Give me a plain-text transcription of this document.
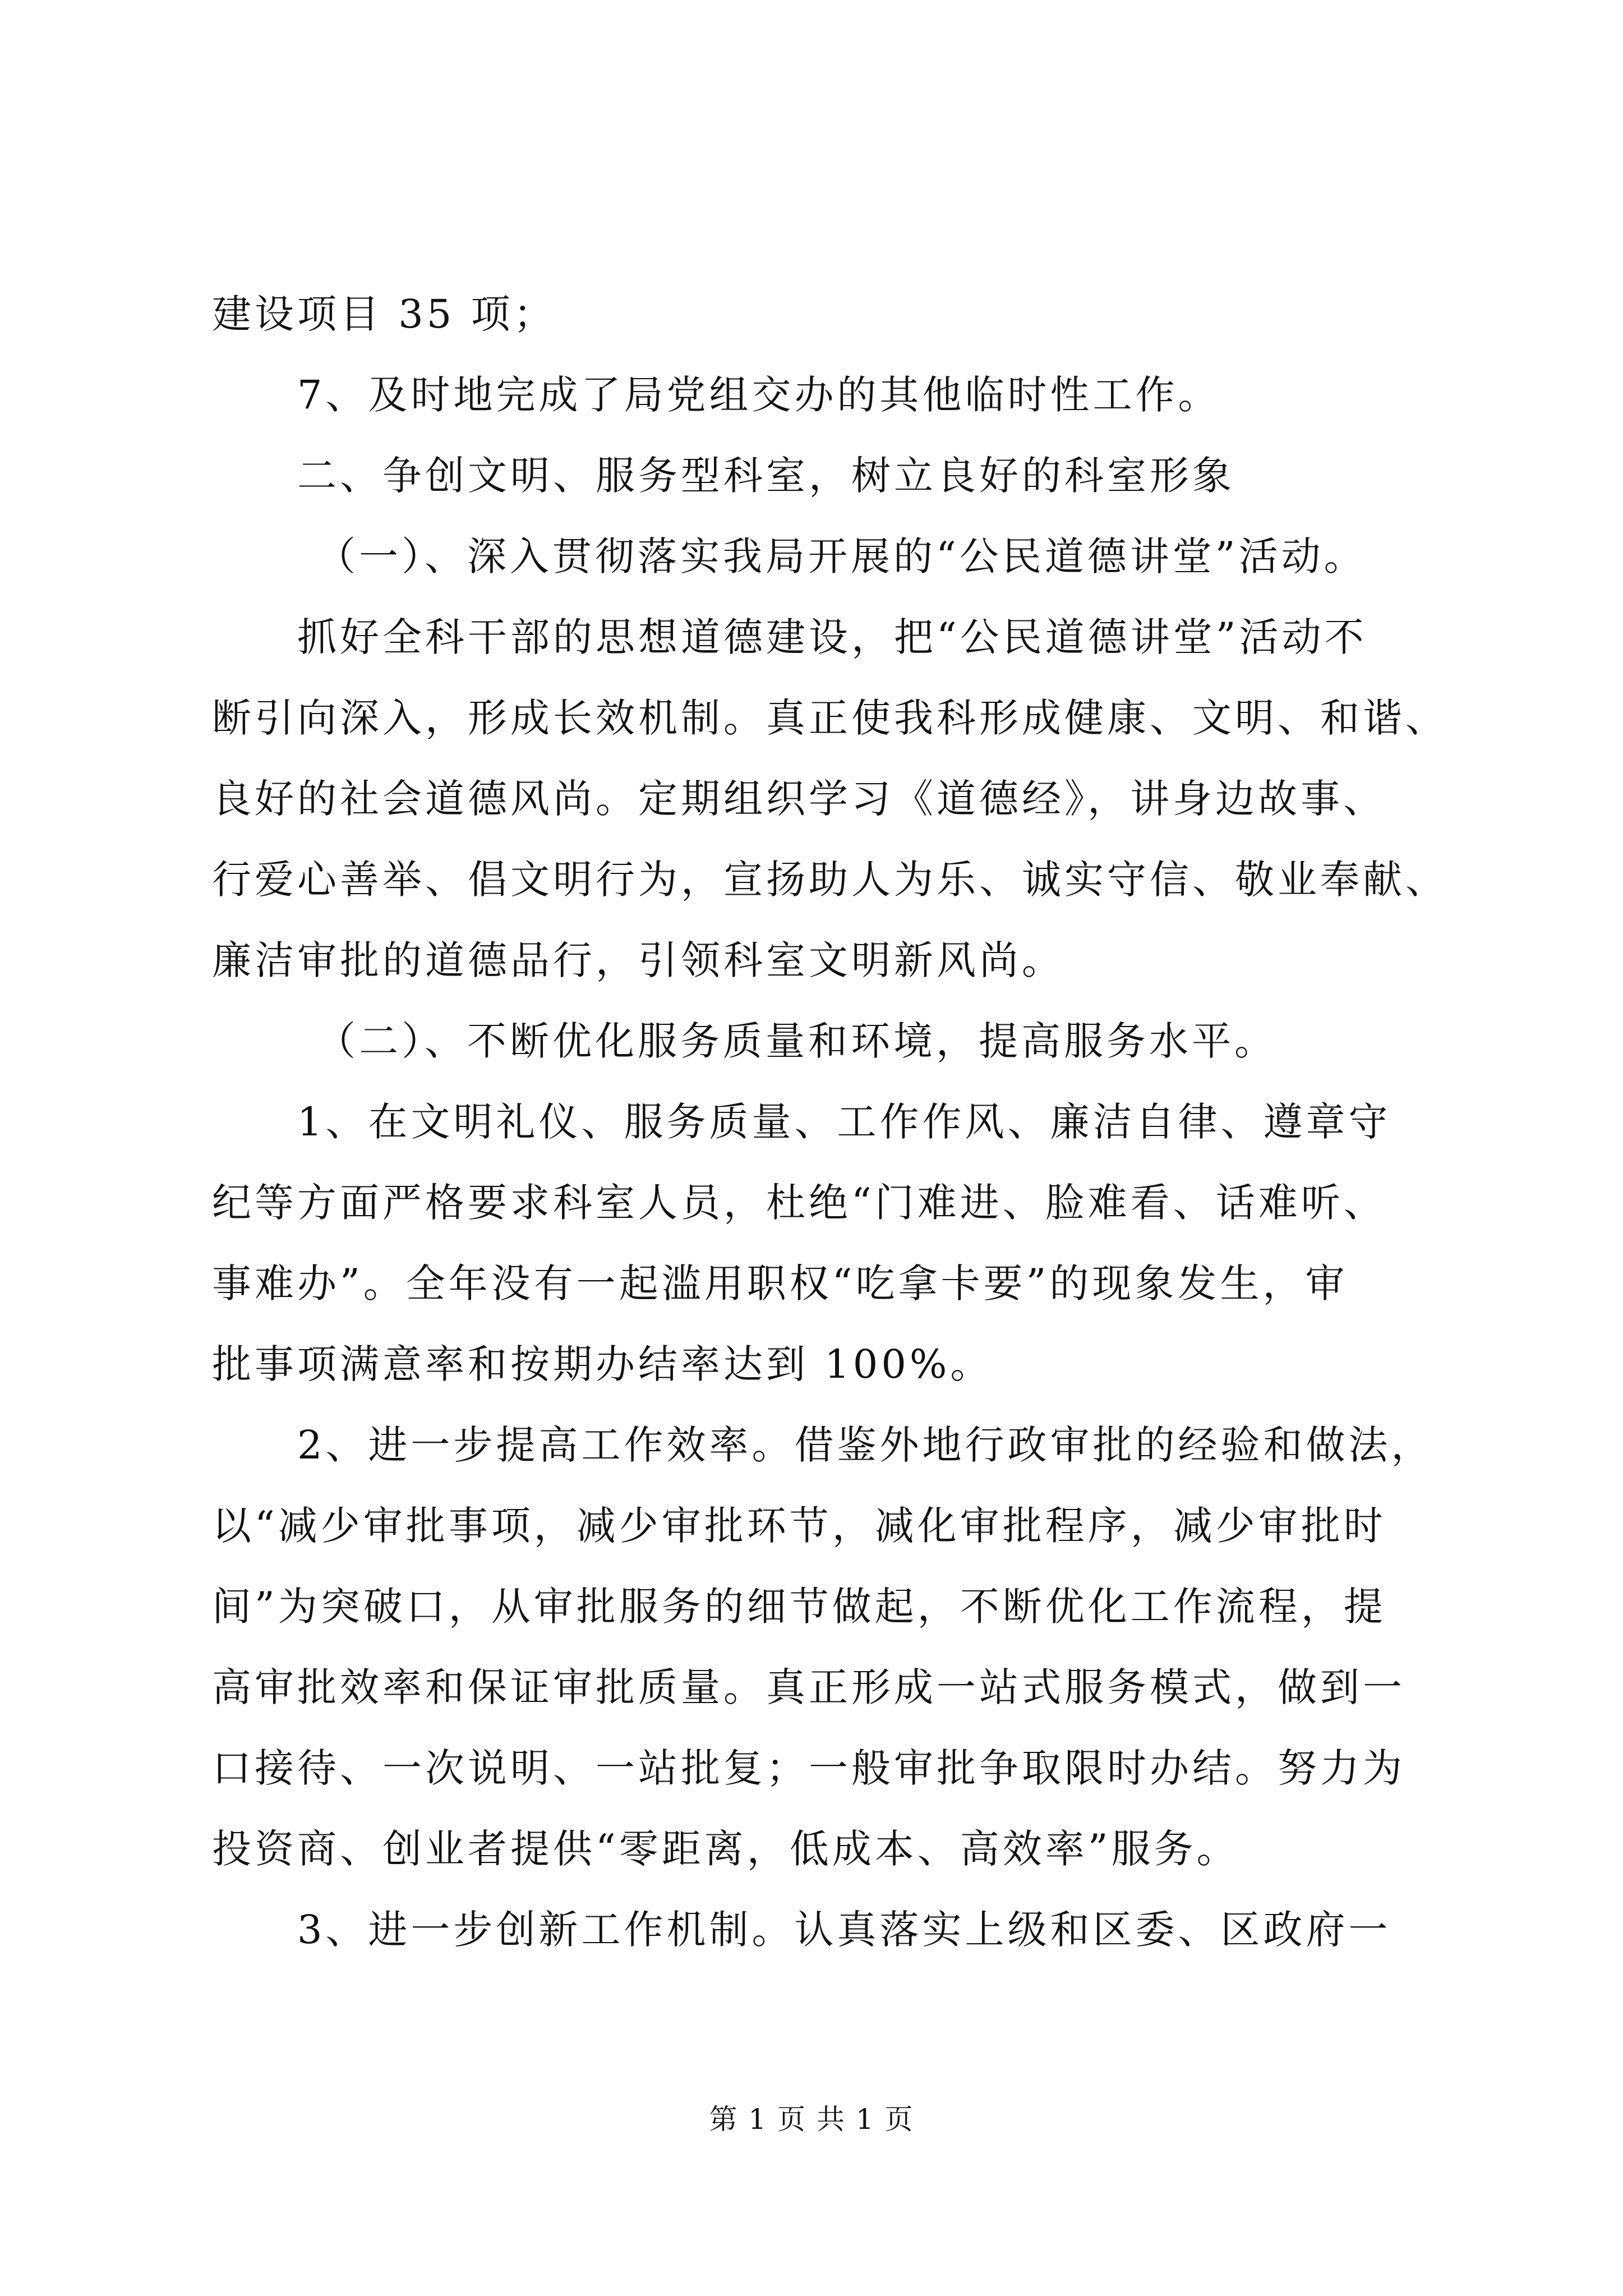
建设项目 35 项；
7、及时地完成了局党组交办的其他临时性工作。
二、争创文明、服务型科室，树立良好的科室形象
（一）、深入贯彻落实我局开展的“公民道德讲堂”活动。
抓好全科干部的思想道德建设，把“公民道德讲堂”活动不
断引向深入，形成长效机制。真正使我科形成健康、文明、和谐、
良好的社会道德风尚。定期组织学习《道德经》，讲身边故事、
行爱心善举、倡文明行为，宣扬助人为乐、诚实守信、敬业奉献、
廉洁审批的道德品行，引领科室文明新风尚。
（二）、不断优化服务质量和环境，提高服务水平。
1、在文明礼仪、服务质量、工作作风、廉洁自律、遵章守
纪等方面严格要求科室人员，杜绝“门难进、脸难看、话难听、
事难办”。全年没有一起滥用职权“吃拿卡要”的现象发生，审
批事项满意率和按期办结率达到 100%。
2、进一步提高工作效率。借鉴外地行政审批的经验和做法，
以“减少审批事项，减少审批环节，减化审批程序，减少审批时
间”为突破口，从审批服务的细节做起，不断优化工作流程，提
高审批效率和保证审批质量。真正形成一站式服务模式，做到一
口接待、一次说明、一站批复；一般审批争取限时办结。努力为
投资商、创业者提供“零距离，低成本、高效率”服务。
3、进一步创新工作机制。认真落实上级和区委、区政府一
第 1 页 共 1 页
